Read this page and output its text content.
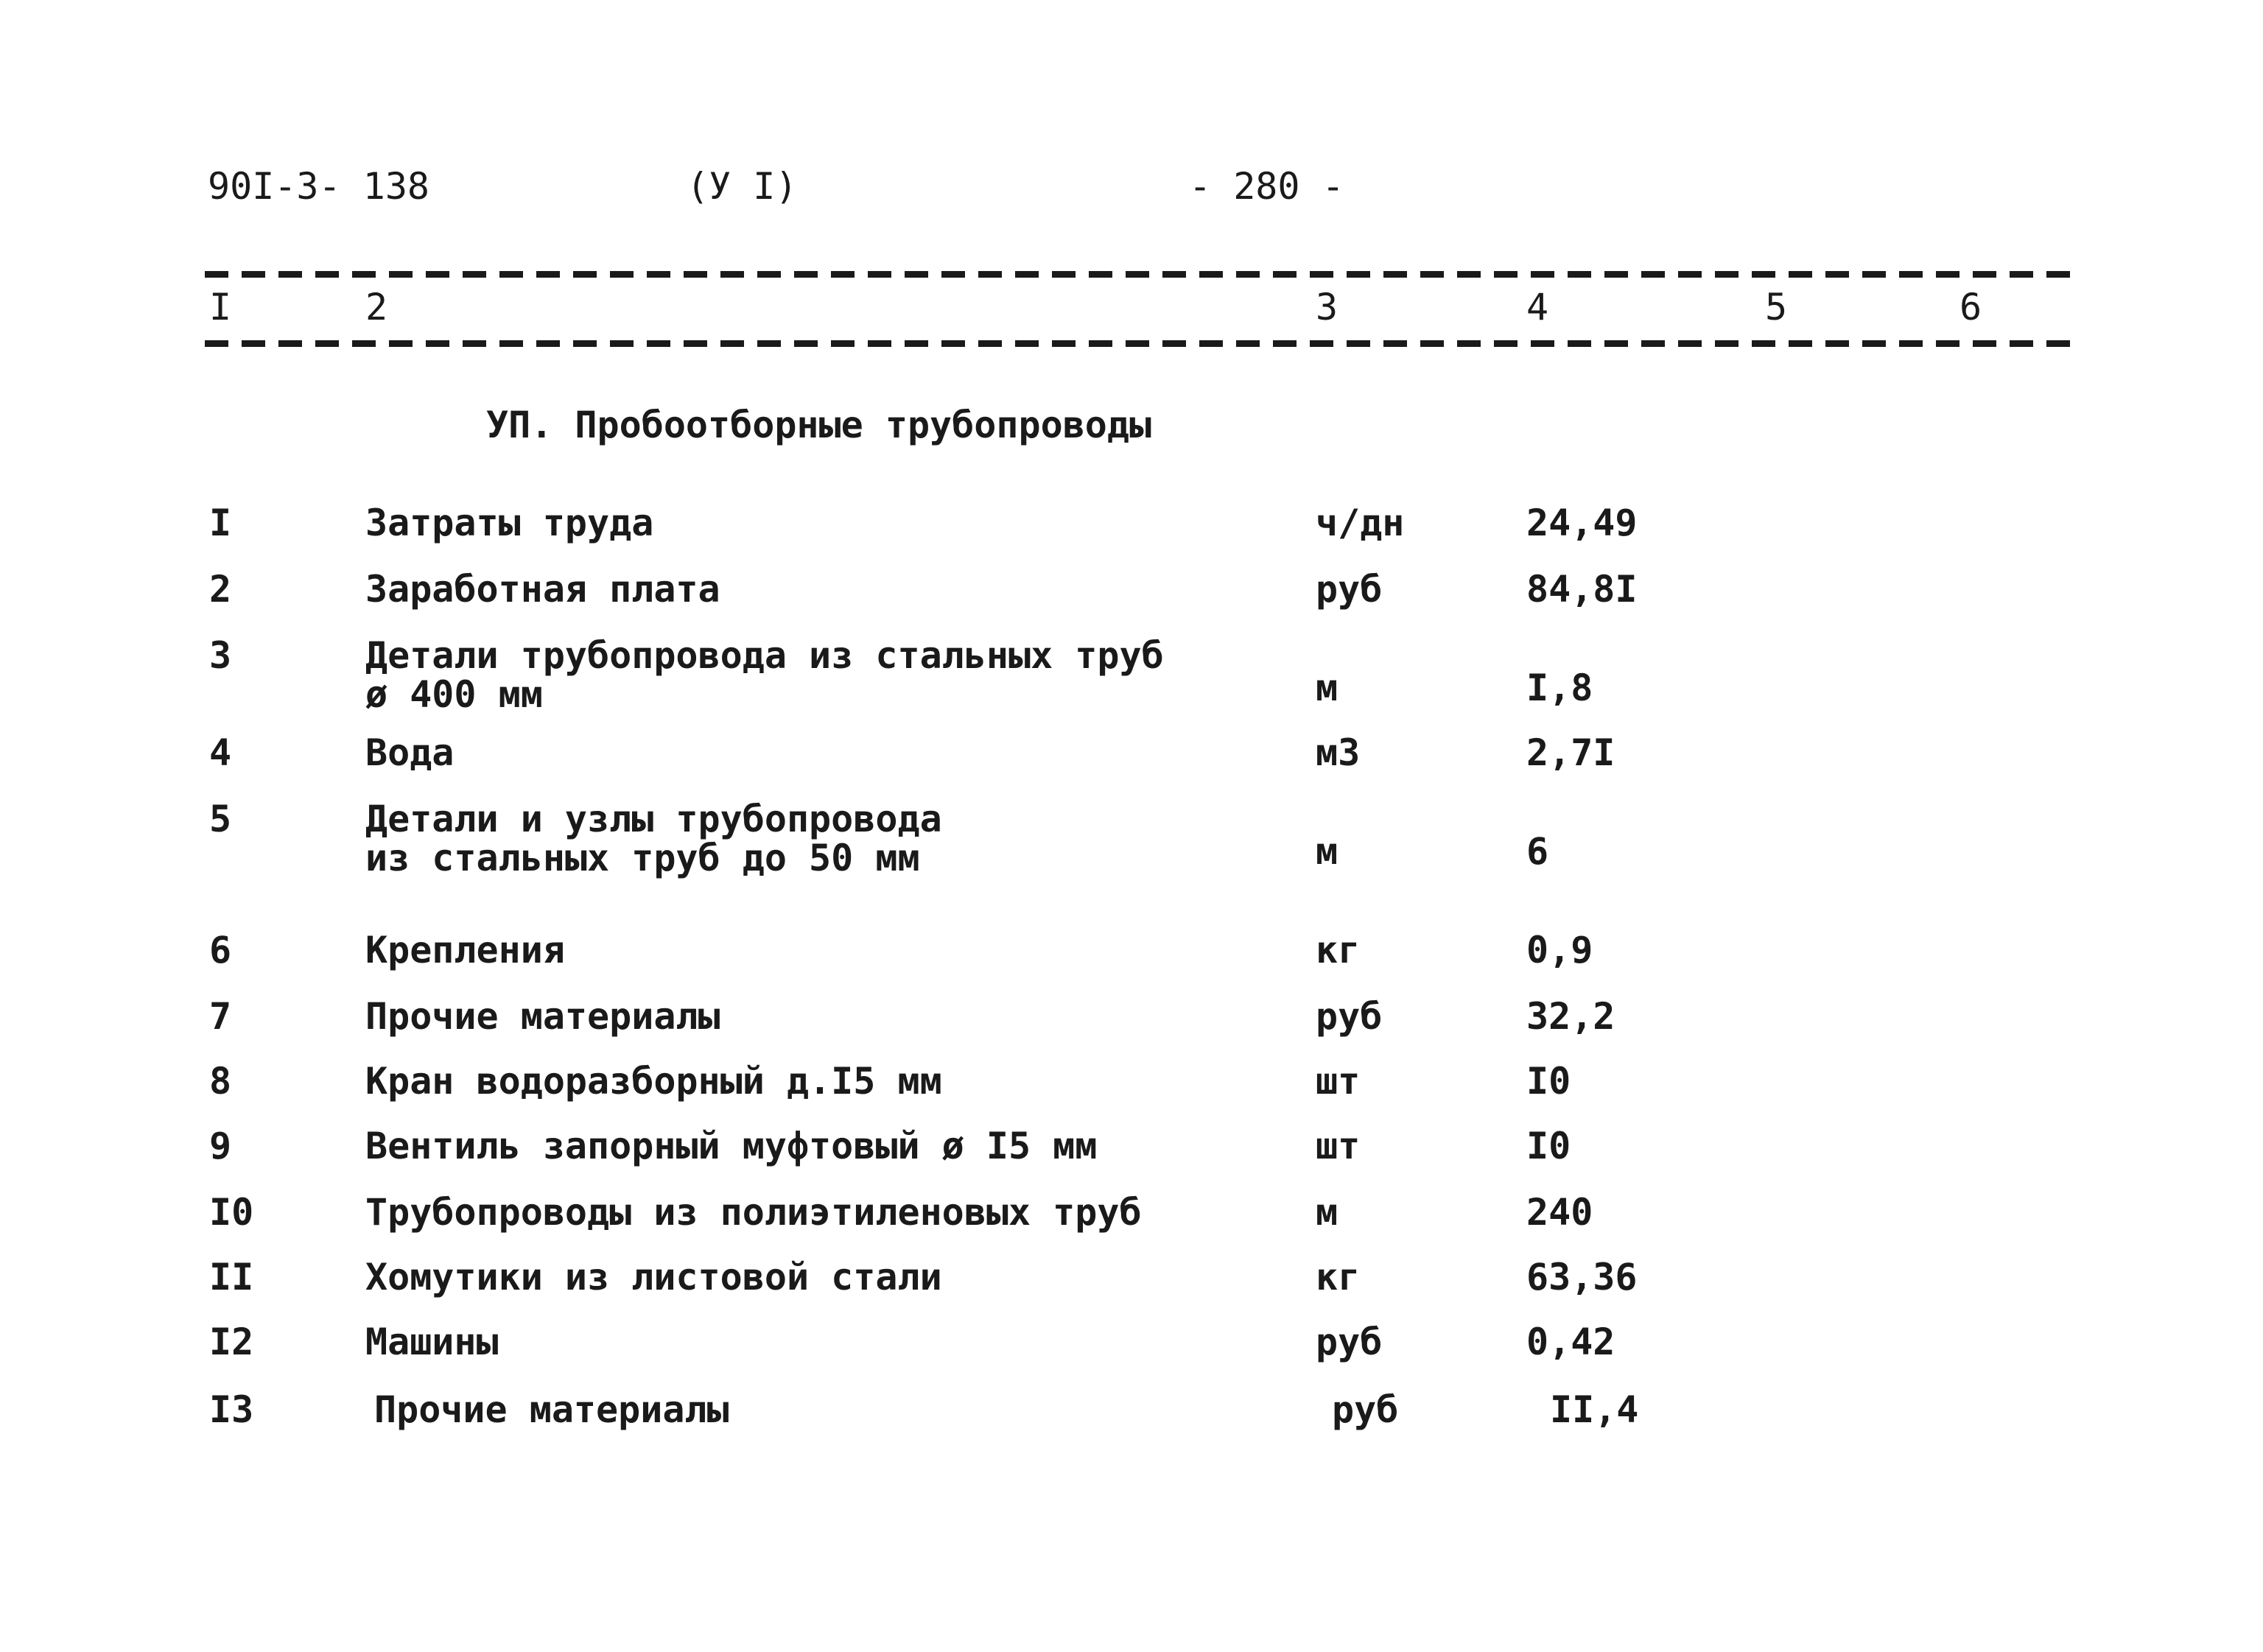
90I-3- 138	(У I)	- 280 -
I	2	3	4	5	6
УП. Пробоотборные трубопроводы
I	Затраты труда	ч/дн	24,49
2	Заработная плата	руб	84,8I
3	Детали трубопровода из стальных труб
ø 400 мм	м	I,8
4	Вода	м3	2,7I
5	Детали и узлы трубопровода
из стальных труб до 50 мм	м	6
6	Крепления	кг	0,9
7	Прочие материалы	руб	32,2
8	Кран водоразборный д.I5 мм	шт	I0
9	Вентиль запорный муфтовый ø I5 мм	шт	I0
I0	Трубопроводы из полиэтиленовых труб	м	240
II	Хомутики из листовой стали	кг	63,36
I2	Машины	руб	0,42
I3	Прочие материалы	руб	II,4
